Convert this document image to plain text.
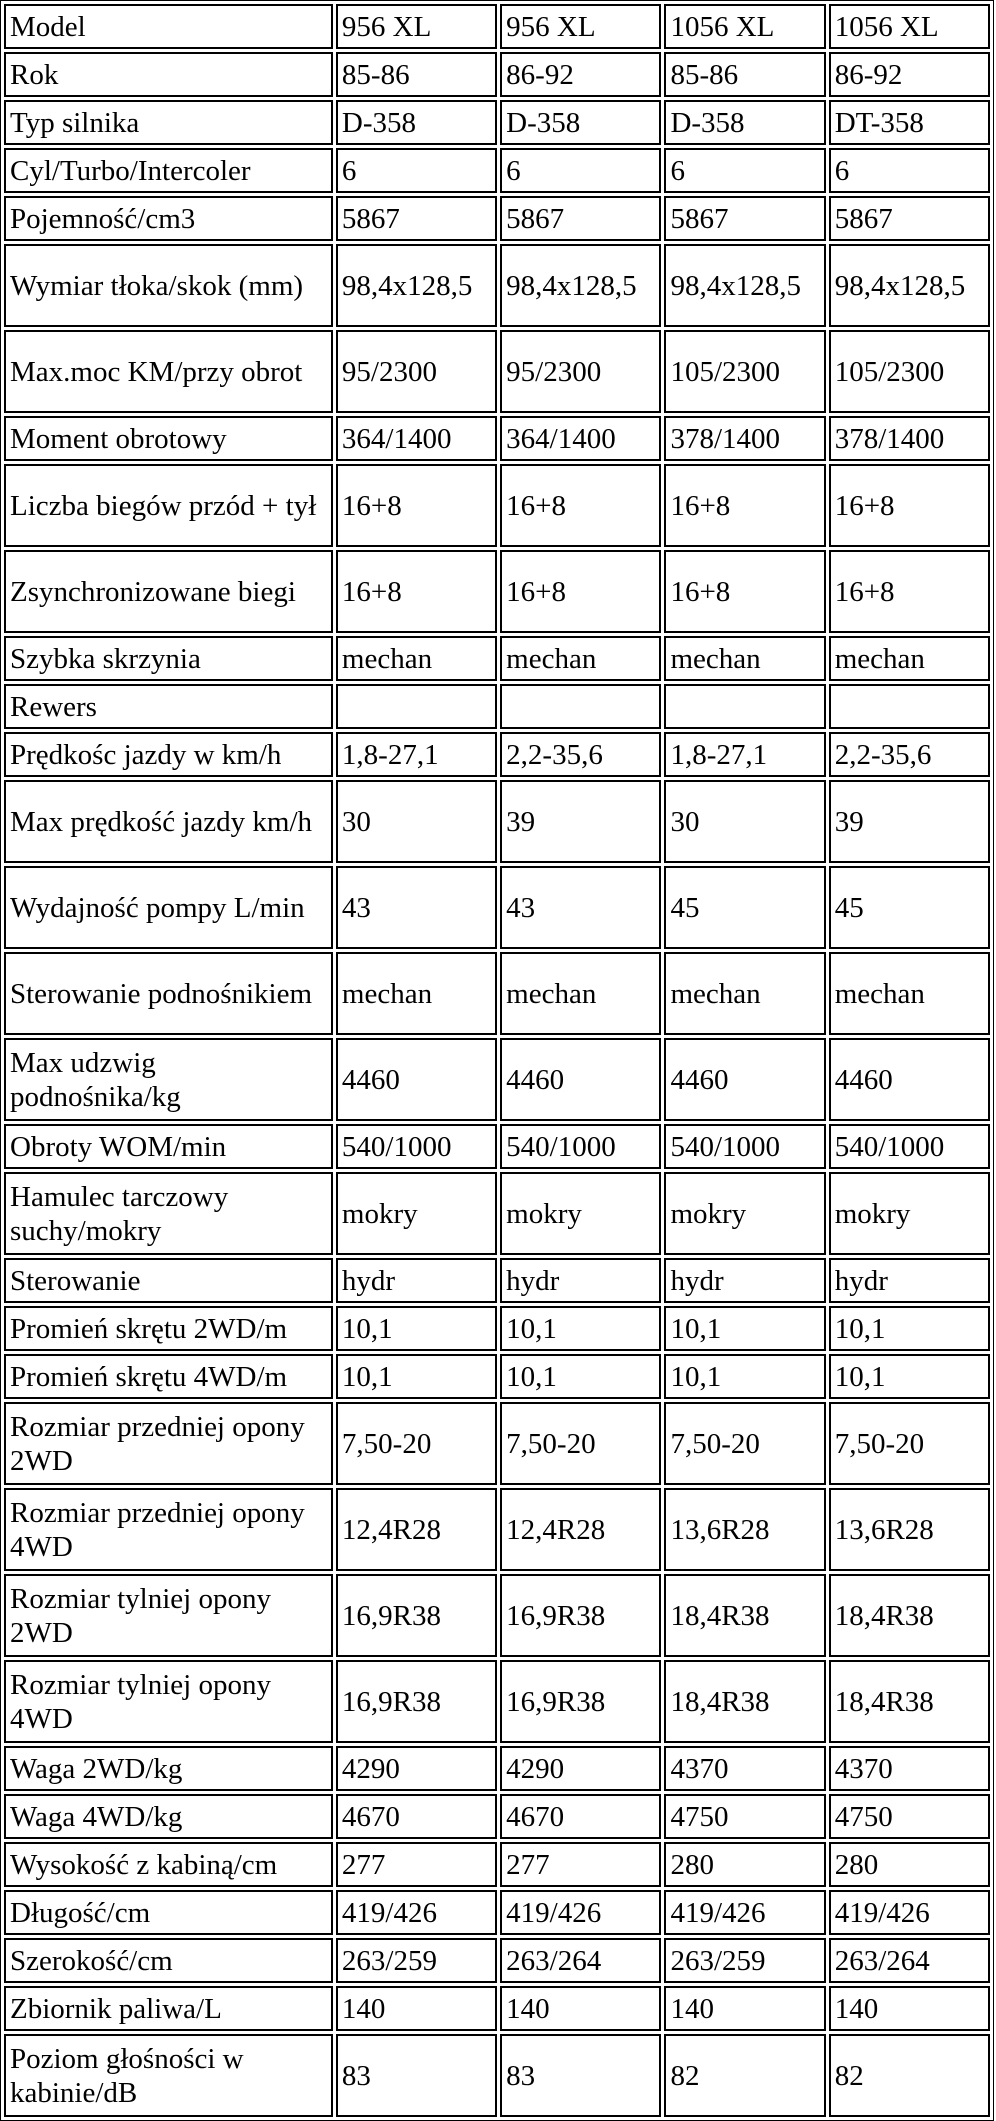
Model	956 XL	956 XL	1056 XL	1056 XL
Rok	85-86	86-92	85-86	86-92
Typ silnika	D-358	D-358	D-358	DT-358
Cyl/Turbo/Intercoler	6	6	6	6
Pojemność/cm3	5867	5867	5867	5867
Wymiar tłoka/skok (mm)	98,4x128,5	98,4x128,5	98,4x128,5	98,4x128,5
Max.moc KM/przy obrot	95/2300	95/2300	105/2300	105/2300
Moment obrotowy	364/1400	364/1400	378/1400	378/1400
Liczba biegów przód + tył	16+8	16+8	16+8	16+8
Zsynchronizowane biegi	16+8	16+8	16+8	16+8
Szybka skrzynia	mechan	mechan	mechan	mechan
Rewers				
Prędkośc jazdy w km/h	1,8-27,1	2,2-35,6	1,8-27,1	2,2-35,6
Max prędkość jazdy km/h	30	39	30	39
Wydajność pompy L/min	43	43	45	45
Sterowanie podnośnikiem	mechan	mechan	mechan	mechan
Max udzwig podnośnika/kg	4460	4460	4460	4460
Obroty WOM/min	540/1000	540/1000	540/1000	540/1000
Hamulec tarczowy suchy/mokry	mokry	mokry	mokry	mokry
Sterowanie	hydr	hydr	hydr	hydr
Promień skrętu 2WD/m	10,1	10,1	10,1	10,1
Promień skrętu 4WD/m	10,1	10,1	10,1	10,1
Rozmiar przedniej opony 2WD	7,50-20	7,50-20	7,50-20	7,50-20
Rozmiar przedniej opony 4WD	12,4R28	12,4R28	13,6R28	13,6R28
Rozmiar tylniej opony 2WD	16,9R38	16,9R38	18,4R38	18,4R38
Rozmiar tylniej opony 4WD	16,9R38	16,9R38	18,4R38	18,4R38
Waga 2WD/kg	4290	4290	4370	4370
Waga 4WD/kg	4670	4670	4750	4750
Wysokość z kabiną/cm	277	277	280	280
Długość/cm	419/426	419/426	419/426	419/426
Szerokość/cm	263/259	263/264	263/259	263/264
Zbiornik paliwa/L	140	140	140	140
Poziom głośności w kabinie/dB	83	83	82	82
